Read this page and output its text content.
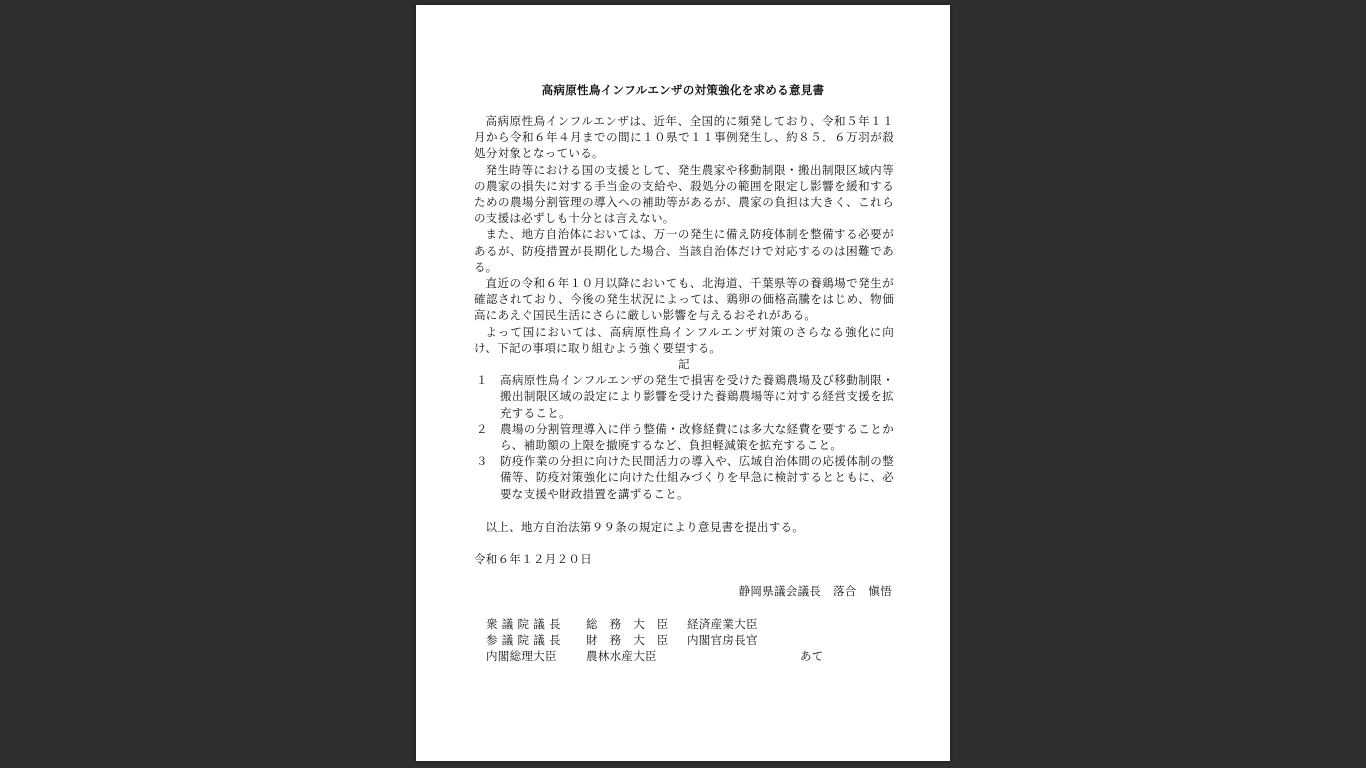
高病原性鳥インフルエンザの対策強化を求める意見書

高病原性鳥インフルエンザは、近年、全国的に頻発しており、令和５年１１月から令和６年４月までの間に１０県で１１事例発生し、約８５．６万羽が殺処分対象となっている。

発生時等における国の支援として、発生農家や移動制限・搬出制限区域内等の農家の損失に対する手当金の支給や、殺処分の範囲を限定し影響を緩和するための農場分割管理の導入への補助等があるが、農家の負担は大きく、これらの支援は必ずしも十分とは言えない。

また、地方自治体においては、万一の発生に備え防疫体制を整備する必要があるが、防疫措置が長期化した場合、当該自治体だけで対応するのは困難である。

直近の令和６年１０月以降においても、北海道、千葉県等の養鶏場で発生が確認されており、今後の発生状況によっては、鶏卵の価格高騰をはじめ、物価高にあえぐ国民生活にさらに厳しい影響を与えるおそれがある。

よって国においては、高病原性鳥インフルエンザ対策のさらなる強化に向け、下記の事項に取り組むよう強く要望する。

記
１	高病原性鳥インフルエンザの発生で損害を受けた養鶏農場及び移動制限・搬出制限区域の設定により影響を受けた養鶏農場等に対する経営支援を拡充すること。
２	農場の分割管理導入に伴う整備・改修経費には多大な経費を要することから、補助額の上限を撤廃するなど、負担軽減策を拡充すること。
３	防疫作業の分担に向けた民間活力の導入や、広域自治体間の応援体制の整備等、防疫対策強化に向けた仕組みづくりを早急に検討するとともに、必要な支援や財政措置を講ずること。

以上、地方自治法第９９条の規定により意見書を提出する。

令和６年１２月２０日

静岡県議会議長　落合　愼悟

衆 議 院 議 長	総　務　大　臣	経済産業大臣	
参 議 院 議 長	財　務　大　臣	内閣官房長官	
内閣総理大臣	農林水産大臣		あて
